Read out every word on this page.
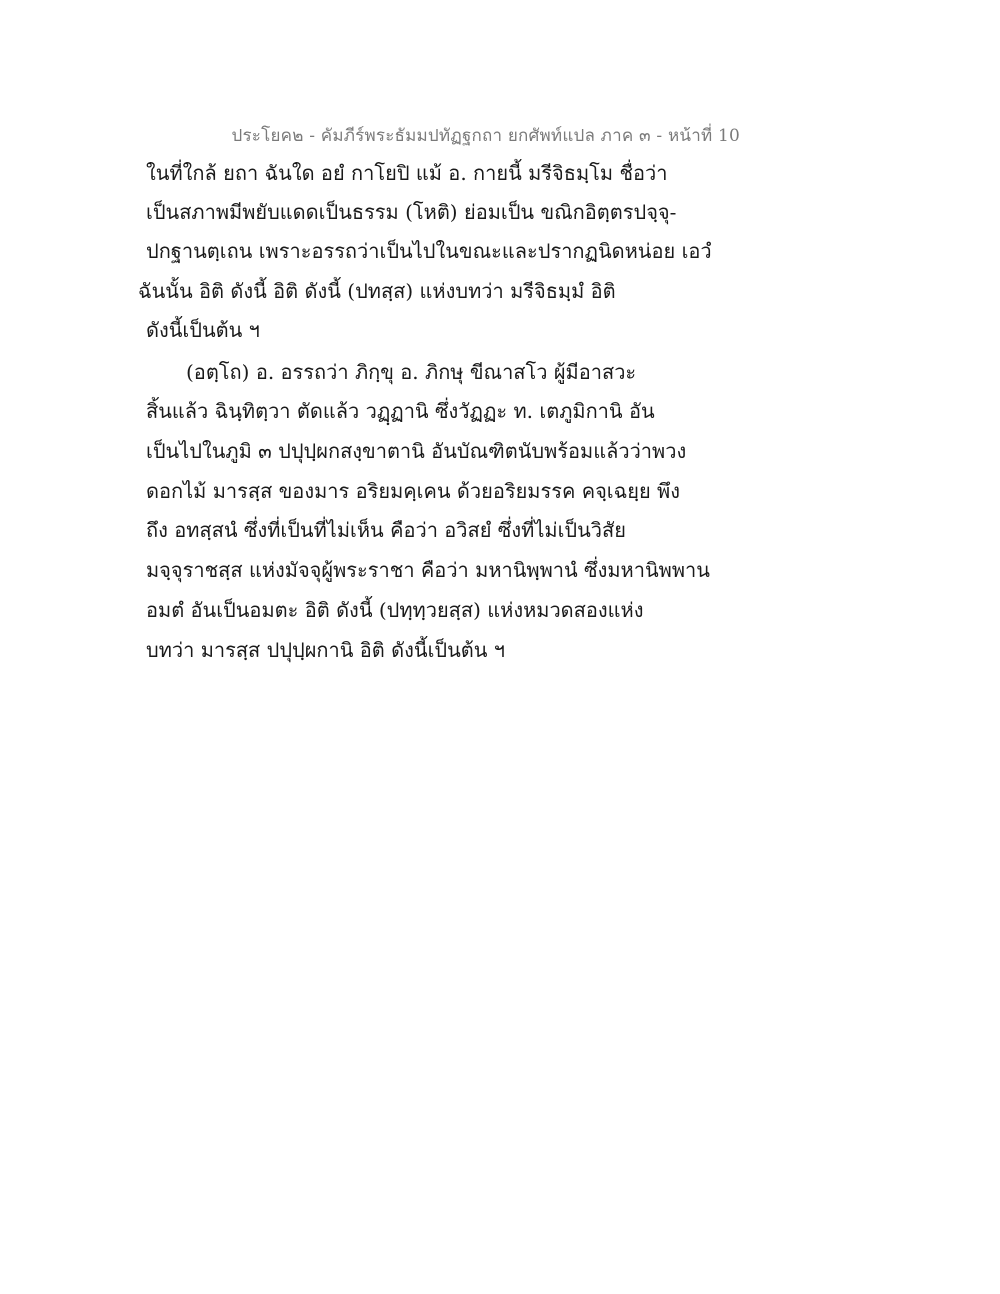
ประโยค๒ - คัมภีร์พระธัมมปทัฏฐกถา ยกศัพท์แปล ภาค ๓ - หน้าที่ 10
ในที่ใกล้ ยถา ฉันใด อยํ กาโยปิ แม้ อ. กายนี้ มรีจิธมฺโม ชื่อว่า
เป็นสภาพมีพยับแดดเป็นธรรม (โหติ) ย่อมเป็น ขณิกอิตฺตรปจฺจุ-
ปกฐานตฺเถน เพราะอรรถว่าเป็นไปในขณะและปรากฏนิดหน่อย เอวํ
ฉันนั้น อิติ ดังนี้ อิติ ดังนี้ (ปทสฺส) แห่งบทว่า มรีจิธมฺมํ อิติ
ดังนี้เป็นต้น ฯ
(อตฺโถ) อ. อรรถว่า ภิกฺขุ อ. ภิกษุ ขีณาสโว ผู้มีอาสวะ
สิ้นแล้ว ฉินฺทิตฺวา ตัดแล้ว วฏฺฏานิ ซึ่งวัฏฏะ ท. เตภูมิกานิ อัน
เป็นไปในภูมิ ๓ ปปุปฺผกสงฺขาตานิ อันบัณฑิตนับพร้อมแล้วว่าพวง
ดอกไม้ มารสฺส ของมาร อริยมคฺเคน ด้วยอริยมรรค คจฺเฉยฺย พึง
ถึง อทสฺสนํ ซึ่งที่เป็นที่ไม่เห็น คือว่า อวิสยํ ซึ่งที่ไม่เป็นวิสัย
มจฺจุราชสฺส แห่งมัจจุผู้พระราชา คือว่า มหานิพฺพานํ ซึ่งมหานิพพาน
อมตํ อันเป็นอมตะ อิติ ดังนี้ (ปทฺทฺวยสฺส) แห่งหมวดสองแห่ง
บทว่า มารสฺส ปปุปฺผกานิ อิติ ดังนี้เป็นต้น ฯ
